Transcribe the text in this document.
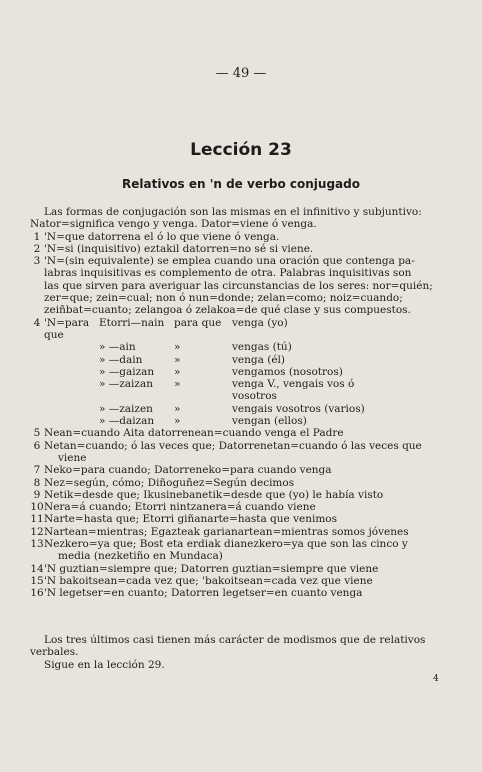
— 49 —
Lección 23
Relativos en 'n de verbo conjugado
Las formas de conjugación son las mismas en el infinitivo y subjuntivo:
Nator=significa vengo y venga. Dator=viene ó venga.
1 'N=que datorrena el ó lo que viene ó venga.
2 'N=si (inquisitivo) eztakil datorren=no sé si viene.
3 'N=(sin equivalente) se emplea cuando una oración que contenga pa-
labras inquisitivas es complemento de otra. Palabras inquisitivas son
las que sirven para averiguar las circunstancias de los seres: nor=quién;
zer=que; zein=cual; non ó nun=donde; zelan=como; noiz=cuando;
zeiñbat=cuanto; zelangoa ó zelakoa=de qué clase y sus compuestos.
4 'N=para que
Etorri—nain para que	venga (yo)
» —ain	»	vengas (tú)
» —dain	»	venga (él)
» —gaizan	»	vengamos (nosotros)
» —zaizan	»	venga V., vengais vos ó
vosotros
» —zaizen	»	vengais vosotros (varios)
» —daizan	»	vengan (ellos)
5 Nean=cuando Aita datorrenean=cuando venga el Padre
6 Netan=cuando; ó las veces que; Datorrenetan=cuando ó las veces que
viene
7 Neko=para cuando; Datorreneko=para cuando venga
8 Nez=según, cómo; Diñoguñez=Según decimos
9 Netik=desde que; Ikusinebanetik=desde que (yo) le había visto
10 Nera=á cuando; Etorri nintzanera=á cuando viene
11 Narte=hasta que; Etorri giñanarte=hasta que venimos
12 Nartean=mientras; Egazteak garianartean=mientras somos jóvenes
13 Nezkero=ya que; Bost eta erdiak dianezkero=ya que son las cinco y
media (nezketiño en Mundaca)
14 'N guztian=siempre que; Datorren guztian=siempre que viene
15 'N bakoitsean=cada vez que; 'bakoitsean=cada vez que viene
16 'N legetser=en cuanto; Datorren legetser=en cuanto venga
Los tres últimos casi tienen más carácter de modismos que de relativos
verbales.
Sigue en la lección 29.
4
